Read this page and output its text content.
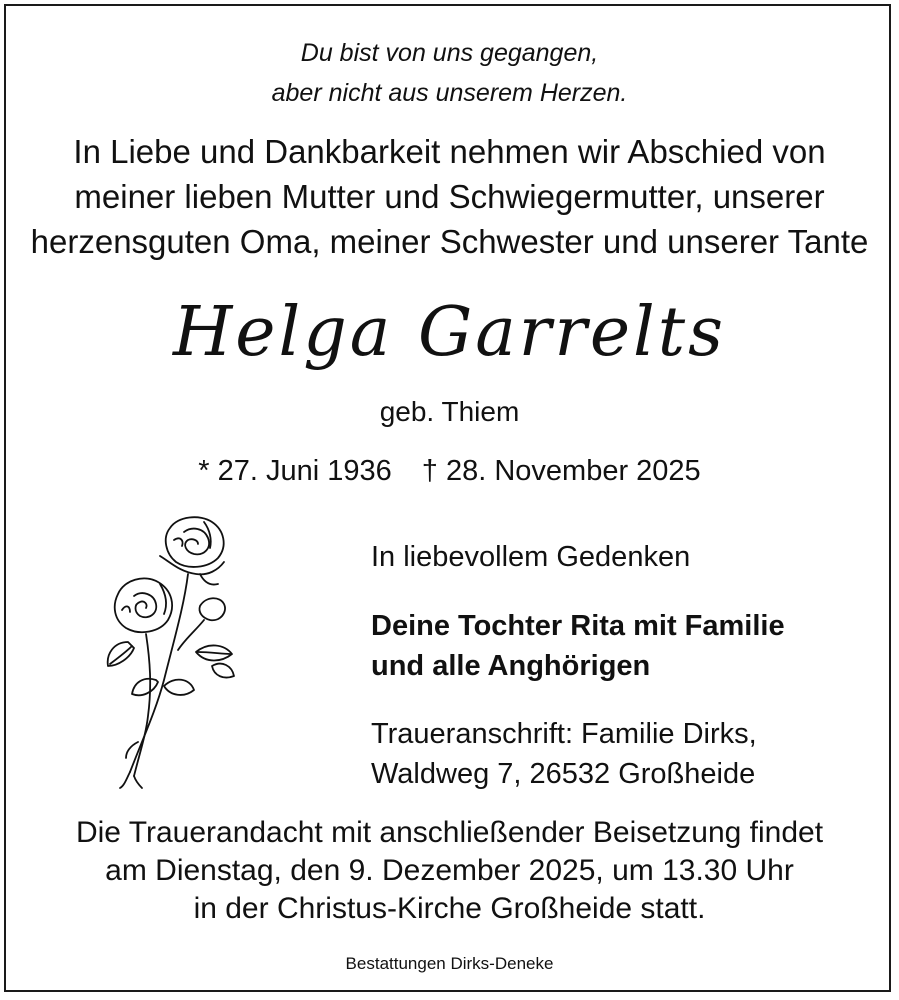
Du bist von uns gegangen,
aber nicht aus unserem Herzen.
In Liebe und Dankbarkeit nehmen wir Abschied von
meiner lieben Mutter und Schwiegermutter, unserer
herzensguten Oma, meiner Schwester und unserer Tante
Helga Garrelts
geb. Thiem
* 27. Juni 1936 † 28. November 2025
In liebevollem Gedenken
Deine Tochter Rita mit Familie
und alle Anghörigen
Traueranschrift: Familie Dirks,
Waldweg 7, 26532 Großheide
Die Trauerandacht mit anschließender Beisetzung findet
am Dienstag, den 9. Dezember 2025, um 13.30 Uhr
in der Christus-Kirche Großheide statt.
Bestattungen Dirks-Deneke
